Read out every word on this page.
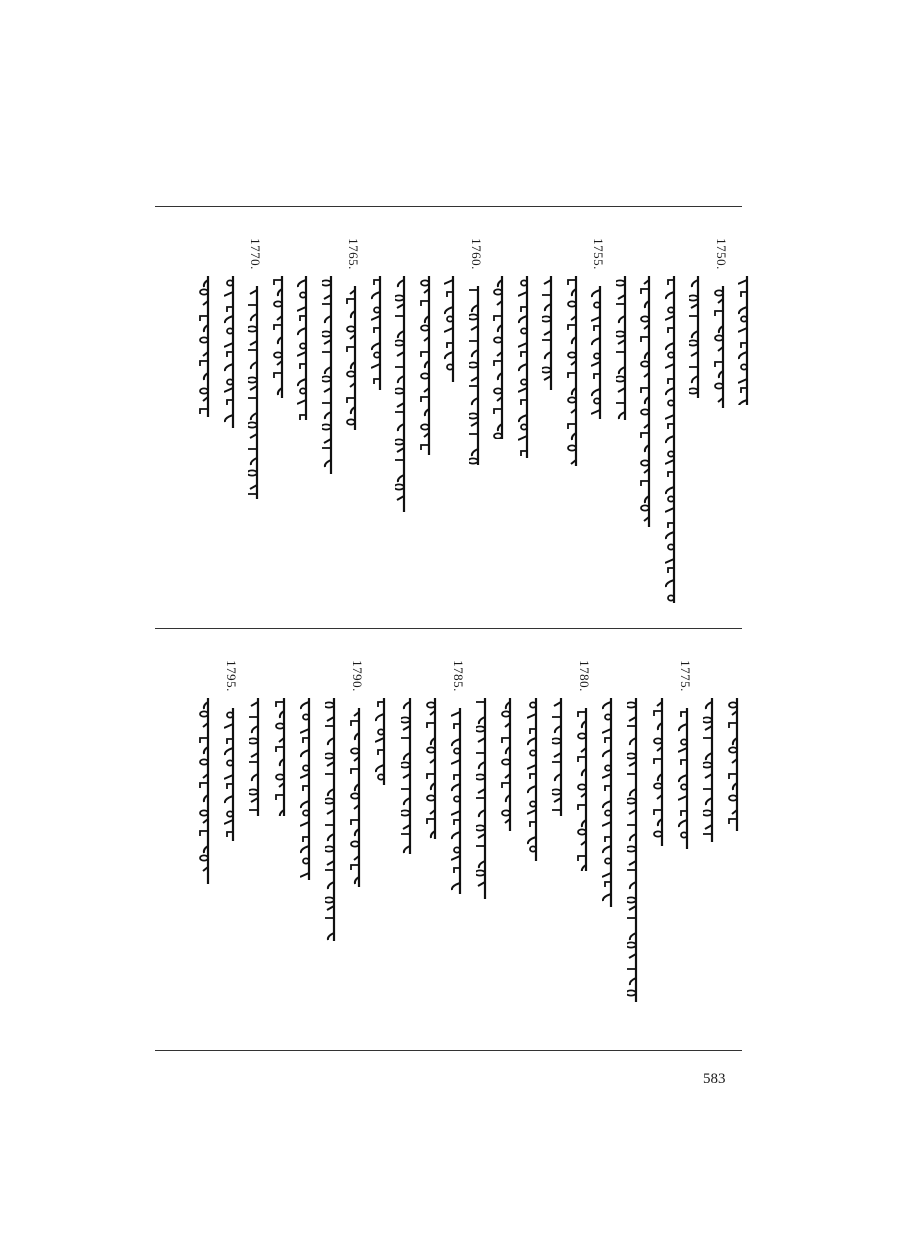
1770.	1765.	1760.	1755.	1750.
1795.	1790.	1785.	1780.	1775.
583
